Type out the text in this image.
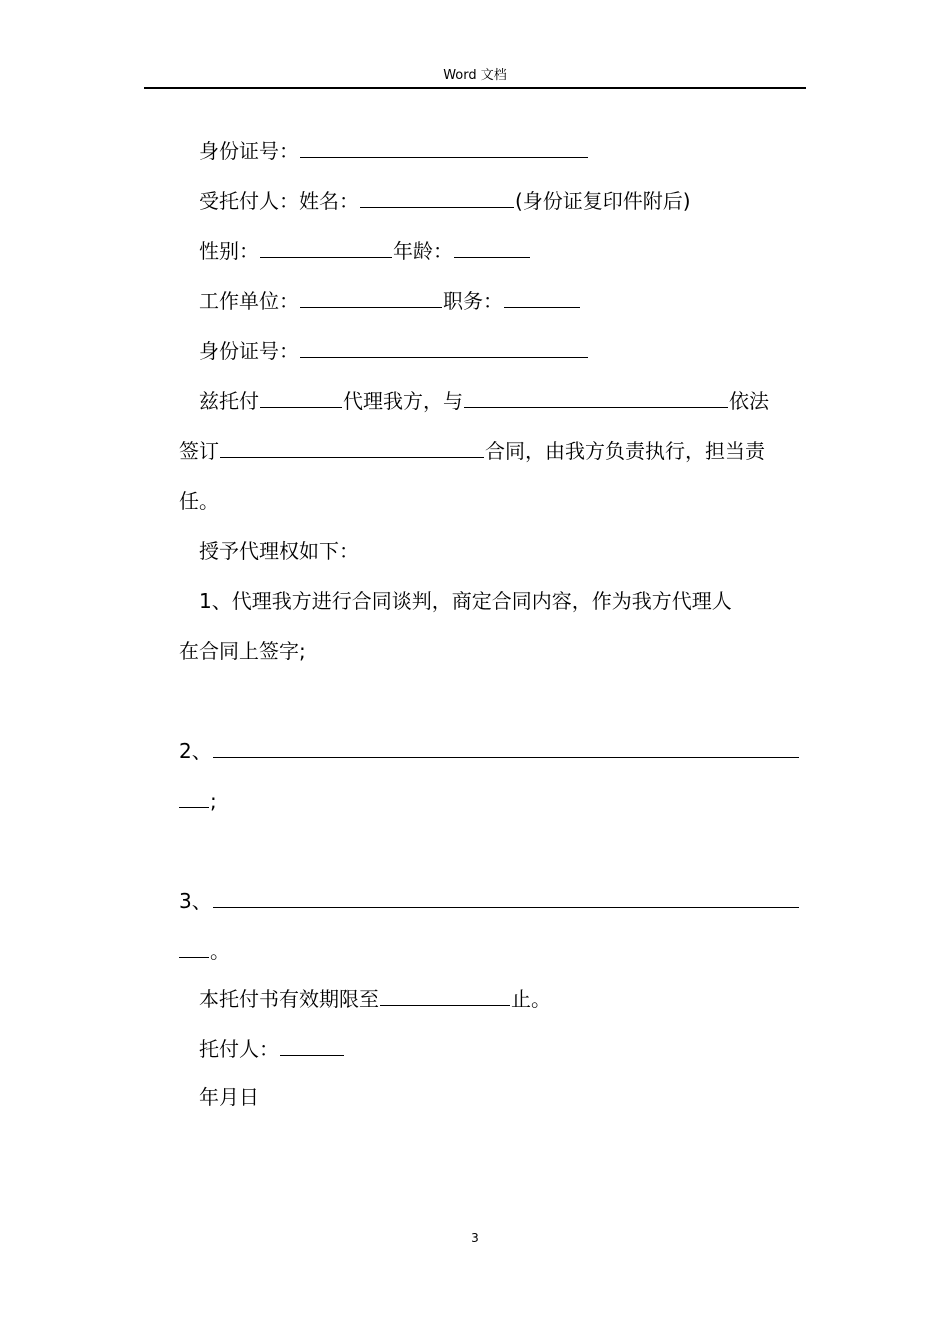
Word 文档
身份证号：
受托付人：姓名：	(身份证复印件附后)
性别：	年龄：
工作单位：	职务：
身份证号：
兹托付	代理我方，与	依法
签订	合同，由我方负责执行，担当责
任。
授予代理权如下：
1、代理我方进行合同谈判，商定合同内容，作为我方代理人
在合同上签字;
2、
;
3、
。
本托付书有效期限至	止。
托付人：
年月日
3
